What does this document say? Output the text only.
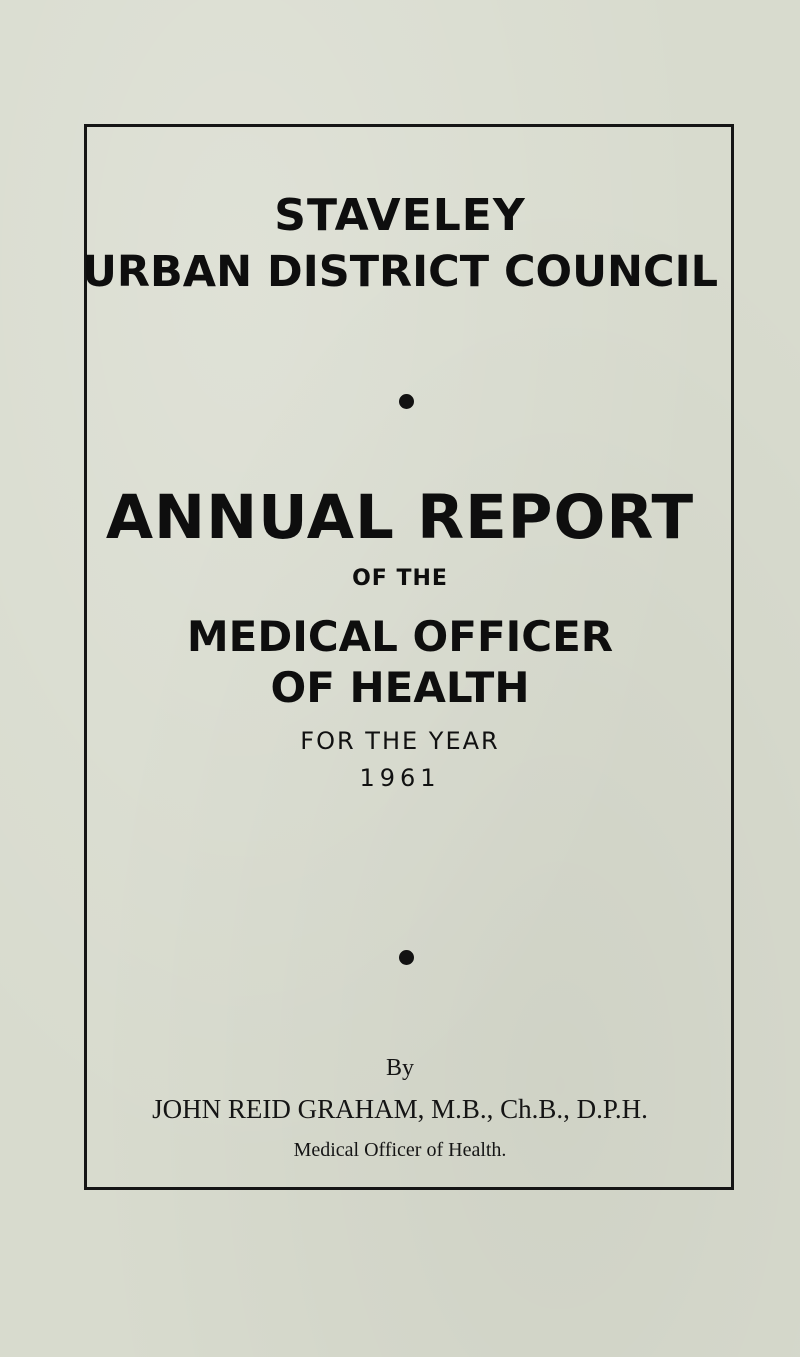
STAVELEY
URBAN DISTRICT COUNCIL
ANNUAL REPORT
OF THE
MEDICAL OFFICER
OF HEALTH
FOR THE YEAR
1961
By
JOHN REID GRAHAM, M.B., Ch.B., D.P.H.
Medical Officer of Health.
